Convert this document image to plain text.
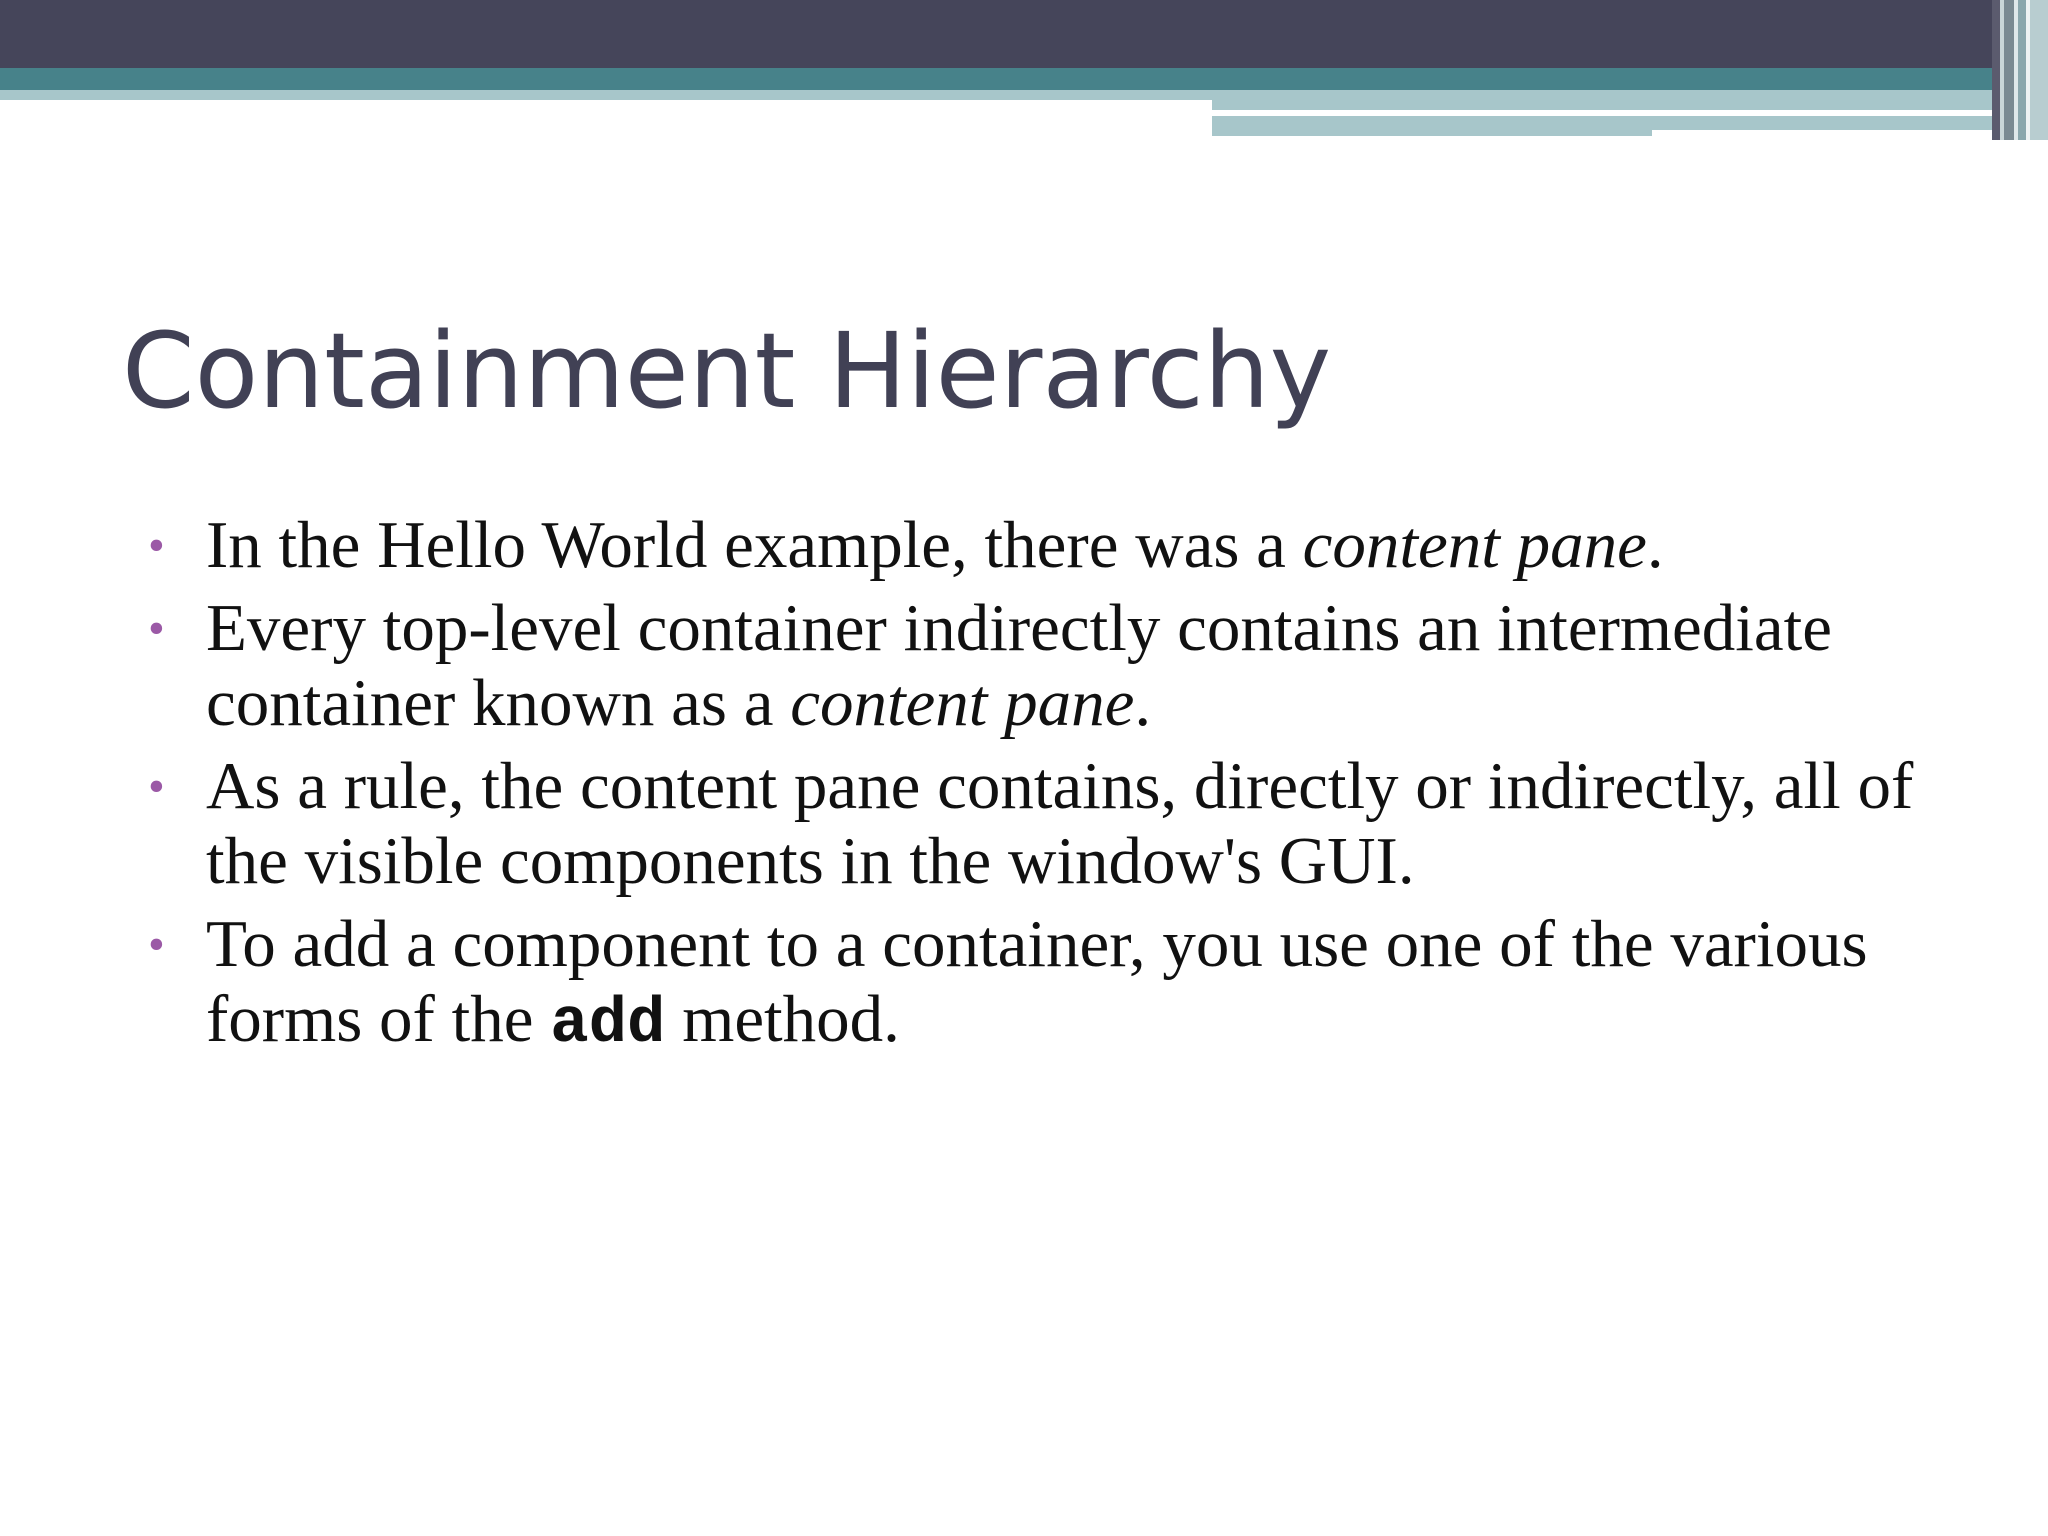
Containment Hierarchy
• In the Hello World example, there was a content pane.
• Every top-level container indirectly contains an intermediate container known as a content pane.
• As a rule, the content pane contains, directly or indirectly, all of the visible components in the window's GUI.
• To add a component to a container, you use one of the various forms of the add method.
